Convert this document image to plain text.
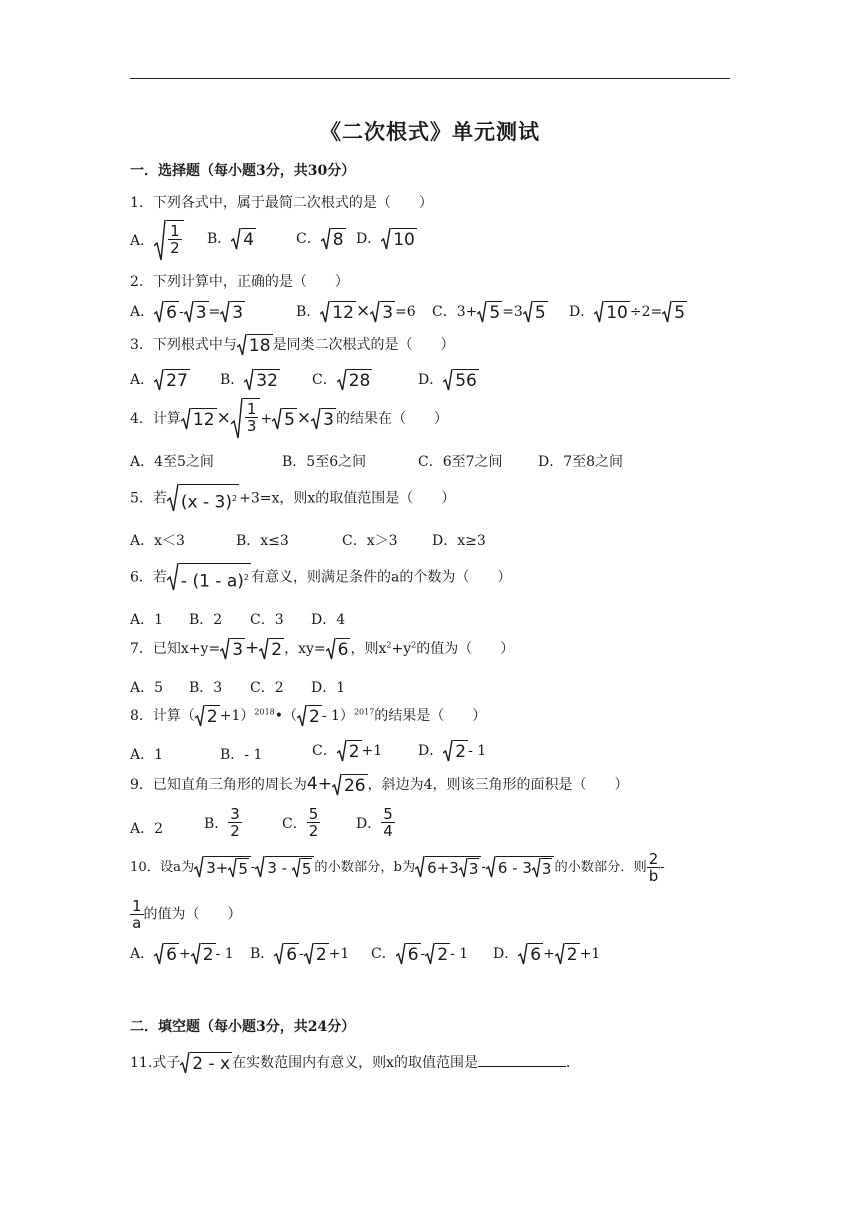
《二次根式》单元测试
一．选择题（每小题3分，共30分）
1．下列各式中，属于最简二次根式的是（　　）
A． $\frac{1}{2}$ B． 4	C． 8 D． 10
2．下列计算中，正确的是（　　）
A． 6 - 3 = 3	B． 12 × 3 =6 C．3+ 5 =3 5 D． 10 ÷2= 5
3．下列根式中与 18 是同类二次根式的是（　　）
A． 27 B． 32 C． 28	D． 56
4．计算 $12 \times \frac{1}{3} + 5 \times 3$ 的结果在（　　）
A．4至5之间	B．5至6之间	C．6至7之间	D．7至8之间
5．若 (x - 3)$^2$ +3=x，则x的取值范围是（　　）
A．x＜3	B．x≤3	C．x＞3 D．x≥3
6．若 - (1 - a)$^2$ 有意义，则满足条件的a的个数为（　　）
A．1 B．2 C．3 D．4
7．已知x+y= 3 + 2 ，xy= 6 ，则$x^2+y^2$的值为（　　）
A．5 B．3 C．2 D．1
8．计算（ 2 +1）$^{2018}$•（ 2 - 1）$^{2017}$的结果是（　　）
A．1	B．- 1	C． 2 +1	D． 2 - 1
9．已知直角三角形的周长为4+ 26 ，斜边为4，则该三角形的面积是（　　）
A．2	B． $\frac{3}{2}$	C． $\frac{5}{2}$	D． $\frac{5}{4}$
10．设a为 3+ 5 - 3 - 5 的小数部分，b为 6+3 3 - 6 - 3 3 的小数部分．则 $\frac{2}{b}$ -
$\frac{1}{a}$ 的值为（　　）
A． 6 + 2 - 1 B． 6 - 2 +1 C． 6 - 2 - 1 D． 6 + 2 +1
二．填空题（每小题3分，共24分）
11.式子 2 - x 在实数范围内有意义，则x的取值范围是	．
